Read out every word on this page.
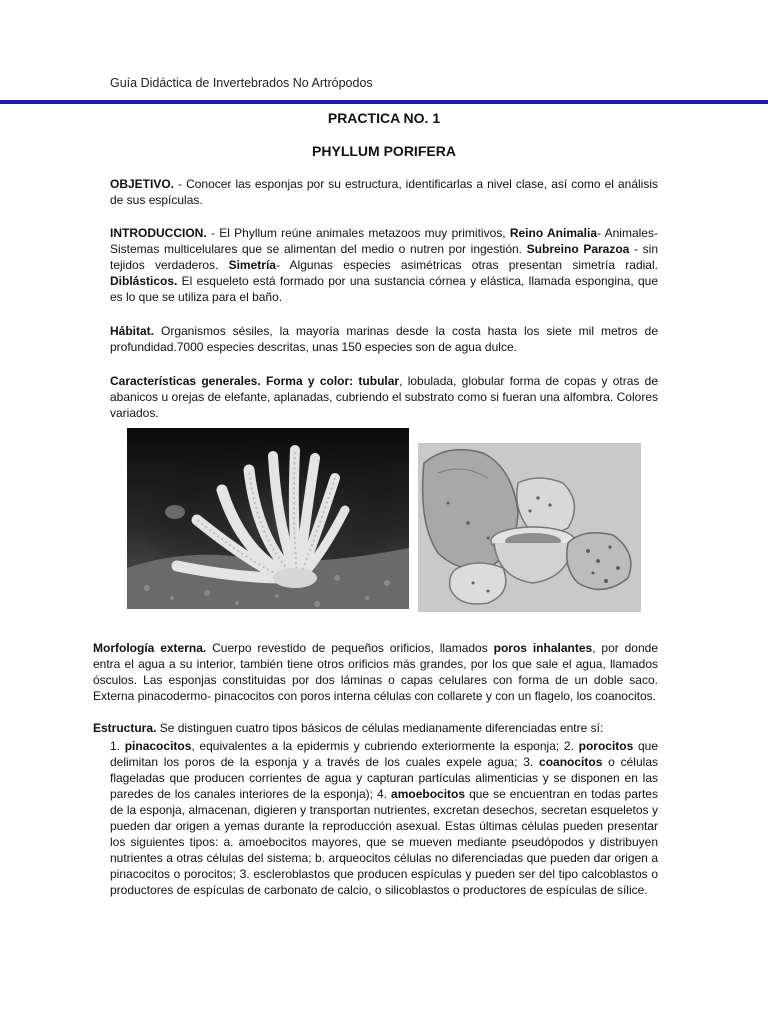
Guía Didáctica de Invertebrados No Artrópodos
PRACTICA NO. 1
PHYLLUM PORIFERA

OBJETIVO. - Conocer las esponjas por su estructura, identificarlas a nivel clase, así como el análisis de sus espículas.

INTRODUCCION. - El Phyllum reúne animales metazoos muy primitivos, Reino Animalia- Animales- Sistemas multicelulares que se alimentan del medio o nutren por ingestión. Subreino Parazoa - sin tejidos verdaderos. Simetría- Algunas especies asimétricas otras presentan simetría radial. Diblásticos. El esqueleto está formado por una sustancia córnea y elástica, llamada espongina, que es lo que se utiliza para el baño.

Hábitat. Organismos sésiles, la mayoría marinas desde la costa hasta los siete mil metros de profundidad.7000 especies descritas, unas 150 especies son de agua dulce.

Características generales. Forma y color: tubular, lobulada, globular forma de copas y otras de abanicos u orejas de elefante, aplanadas, cubriendo el substrato como si fueran una alfombra. Colores variados.

Morfología externa. Cuerpo revestido de pequeños orificios, llamados poros inhalantes, por donde entra el agua a su interior, también tiene otros orificios más grandes, por los que sale el agua, llamados ósculos. Las esponjas constituidas por dos láminas o capas celulares con forma de un doble saco. Externa pinacodermo- pinacocitos con poros interna células con collarete y con un flagelo, los coanocitos.

Estructura. Se distinguen cuatro tipos básicos de células medianamente diferenciadas entre sí:

1. pinacocitos, equivalentes a la epidermis y cubriendo exteriormente la esponja; 2. porocitos que delimitan los poros de la esponja y a través de los cuales expele agua; 3. coanocitos o células flageladas que producen corrientes de agua y capturan partículas alimenticias y se disponen en las paredes de los canales interiores de la esponja); 4. amoebocitos que se encuentran en todas partes de la esponja, almacenan, digieren y transportan nutrientes, excretan desechos, secretan esqueletos y pueden dar origen a yemas durante la reproducción asexual. Estas últimas células pueden presentar los siguientes tipos: a. amoebocitos mayores, que se mueven mediante pseudópodos y distribuyen nutrientes a otras células del sistema; b. arqueocitos células no diferenciadas que pueden dar origen a pinacocitos o porocitos; 3. escleroblastos que producen espículas y pueden ser del tipo calcoblastos o productores de espículas de carbonato de calcio, o silicoblastos o productores de espículas de sílice.
